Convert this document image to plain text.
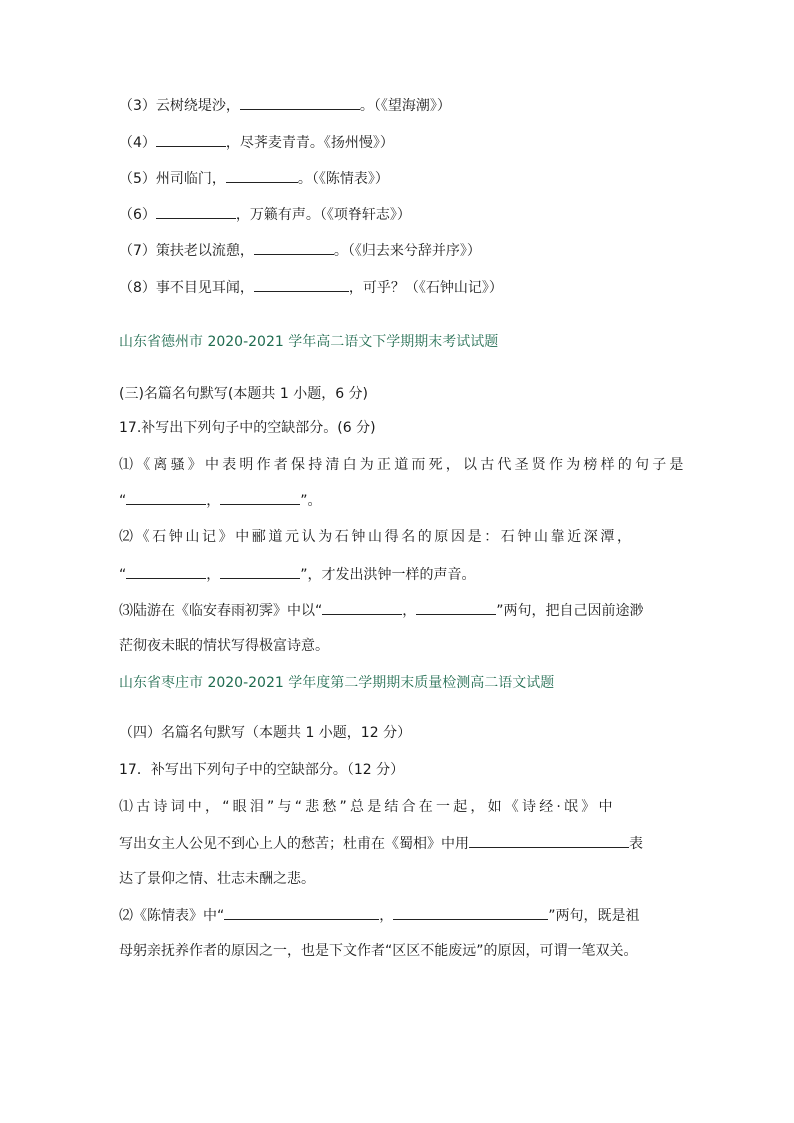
（3）云树绕堤沙，	。（《望海潮》）
（4）	，尽荠麦青青。《扬州慢》）
（5）州司临门，	。（《陈情表》）
（6）	，万籁有声。（《项脊轩志》）
（7）策扶老以流憩，	。（《归去来兮辞并序》）
（8）事不目见耳闻，	，可乎？（《石钟山记》）
山东省德州市 2020-2021 学年高二语文下学期期末考试试题
(三)名篇名句默写(本题共 1 小题，6 分)
17.补写出下列句子中的空缺部分。(6 分)
⑴《离骚》中表明作者保持清白为正道而死，以古代圣贤作为榜样的句子是
“	，	”。
⑵《石钟山记》中郦道元认为石钟山得名的原因是：石钟山靠近深潭，
“	，	”，才发出洪钟一样的声音。
⑶陆游在《临安春雨初霁》中以“	，	”两句，把自己因前途渺
茫彻夜未眠的情状写得极富诗意。
山东省枣庄市 2020-2021 学年度第二学期期末质量检测高二语文试题
（四）名篇名句默写（本题共 1 小题，12 分）
17．补写出下列句子中的空缺部分。（12 分）
⑴古诗词中，“眼泪”与“悲愁”总是结合在一起，如《诗经·氓》中
写出女主人公见不到心上人的愁苦；杜甫在《蜀相》中用	表
达了景仰之情、壮志未酬之悲。
⑵《陈情表》中“	，	”两句，既是祖
母躬亲抚养作者的原因之一，也是下文作者“区区不能废远”的原因，可谓一笔双关。
